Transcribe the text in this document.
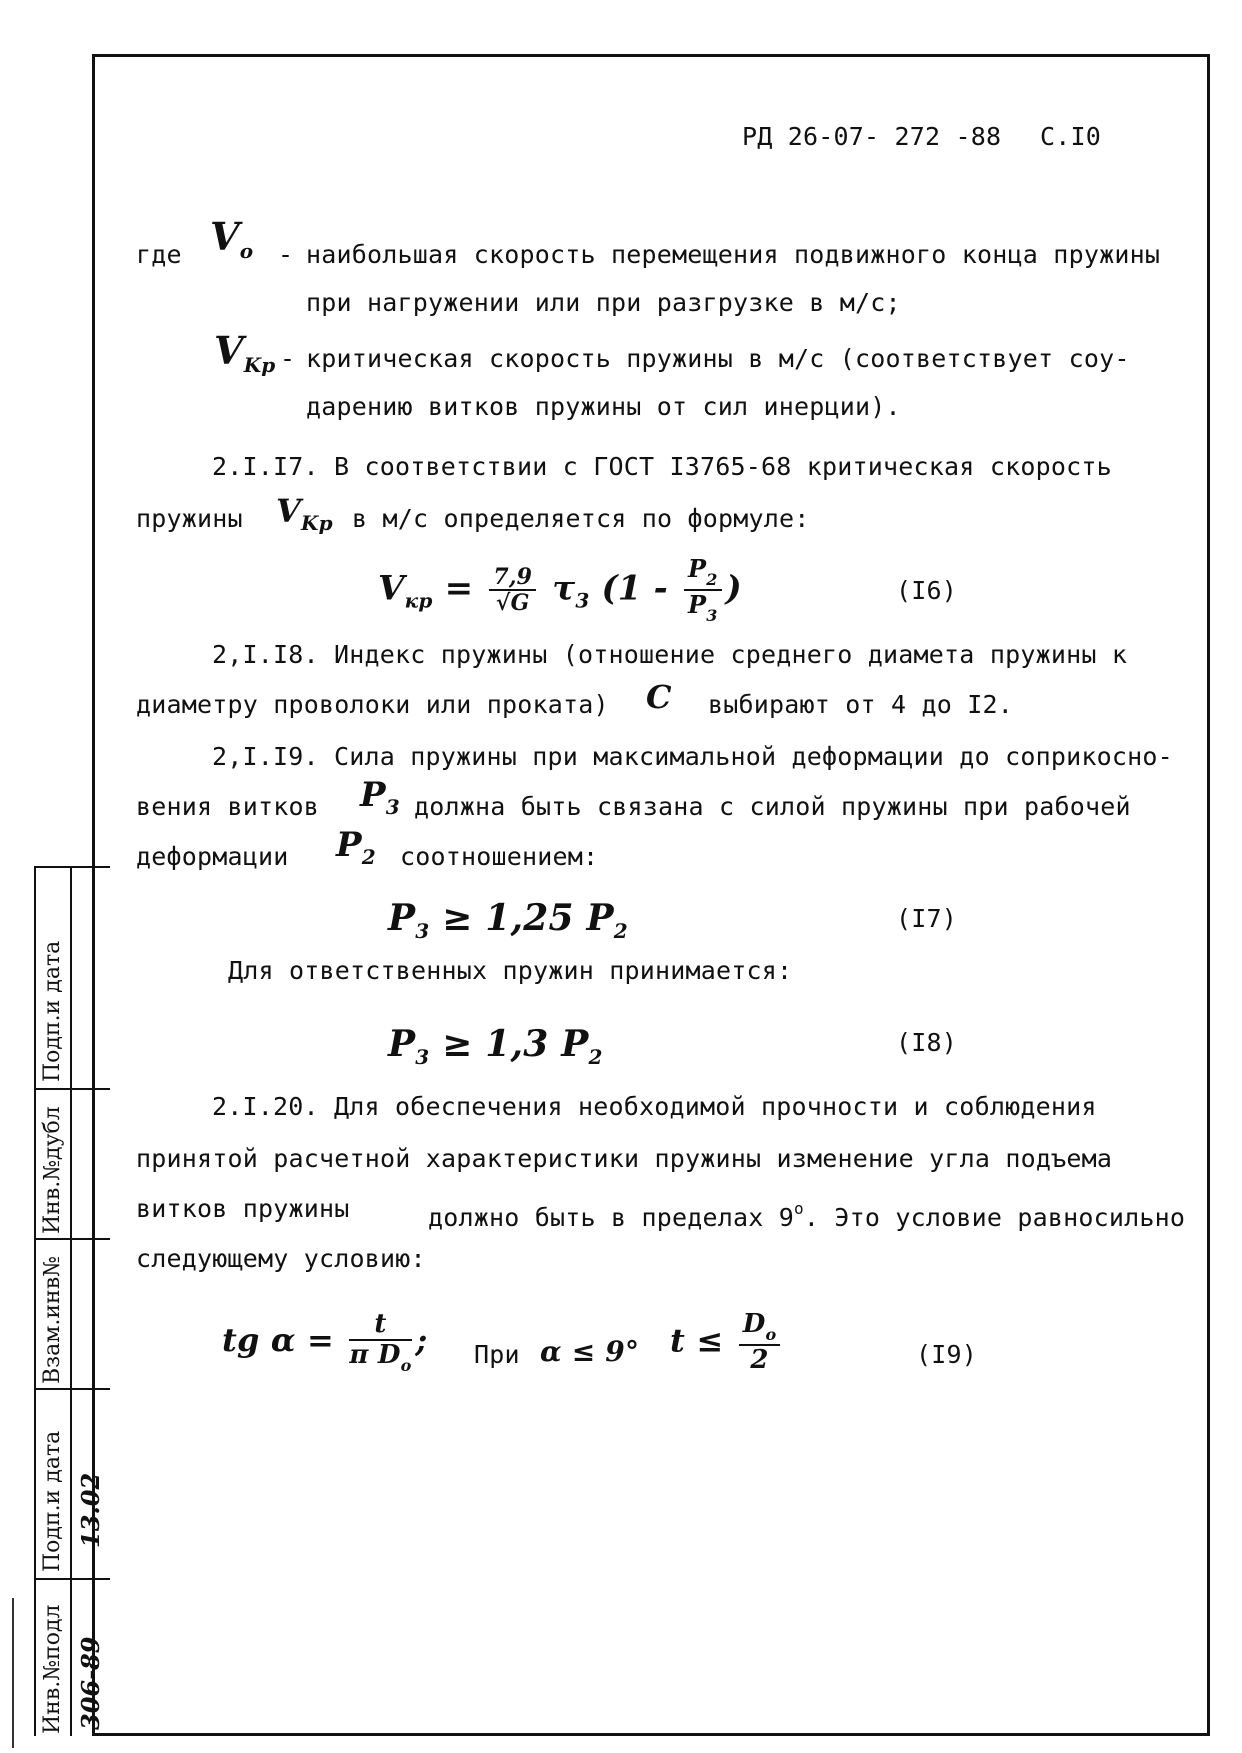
РД 26-07- 272 -88 С.I0
где $V_o$ - наибольшая скорость перемещения подвижного конца пружины
при нагружении или при разгрузке в м/с;
$V_{Kp}$ - критическая скорость пружины в м/с (соответствует соу-
дарению витков пружины от сил инерции).
2.I.I7. В соответствии с ГОСТ I3765-68 критическая скорость
пружины $V_{Kp}$ в м/с определяется по формуле:
$V_{кр} = \frac{7,9}{√G} \tau_3$ ($1 - \frac{P_2}{P_3}$ )	(I6)
2,I.I8. Индекс пружины (отношение среднего диамета пружины к
диаметру проволоки или проката) C выбирают от 4 до I2.
2,I.I9. Сила пружины при максимальной деформации до соприкосно-
вения витков $P_3$ должна быть связана с силой пружины при рабочей
деформации $P_2$ соотношением:
$P_3 \ge 1,25$ $P_2$	(I7)
Для ответственных пружин принимается:
$P_3 \ge 1,3$ $P_2$	(I8)
2.I.20. Для обеспечения необходимой прочности и соблюдения
принятой расчетной характеристики пружины изменение угла подъема
витков пружины	должно быть в пределах 9$^o$. Это условие равносильно
следующему условию:
tg $\alpha = \frac{t}{\pi D_o}$ ; При α ≤ 9° $t \le \frac{D_o}{2}$	(I9)
Подп.и дата
Инв.№дубл
Взам.инв№
Подп.и дата
Инв.№подл
13.02
306-89
